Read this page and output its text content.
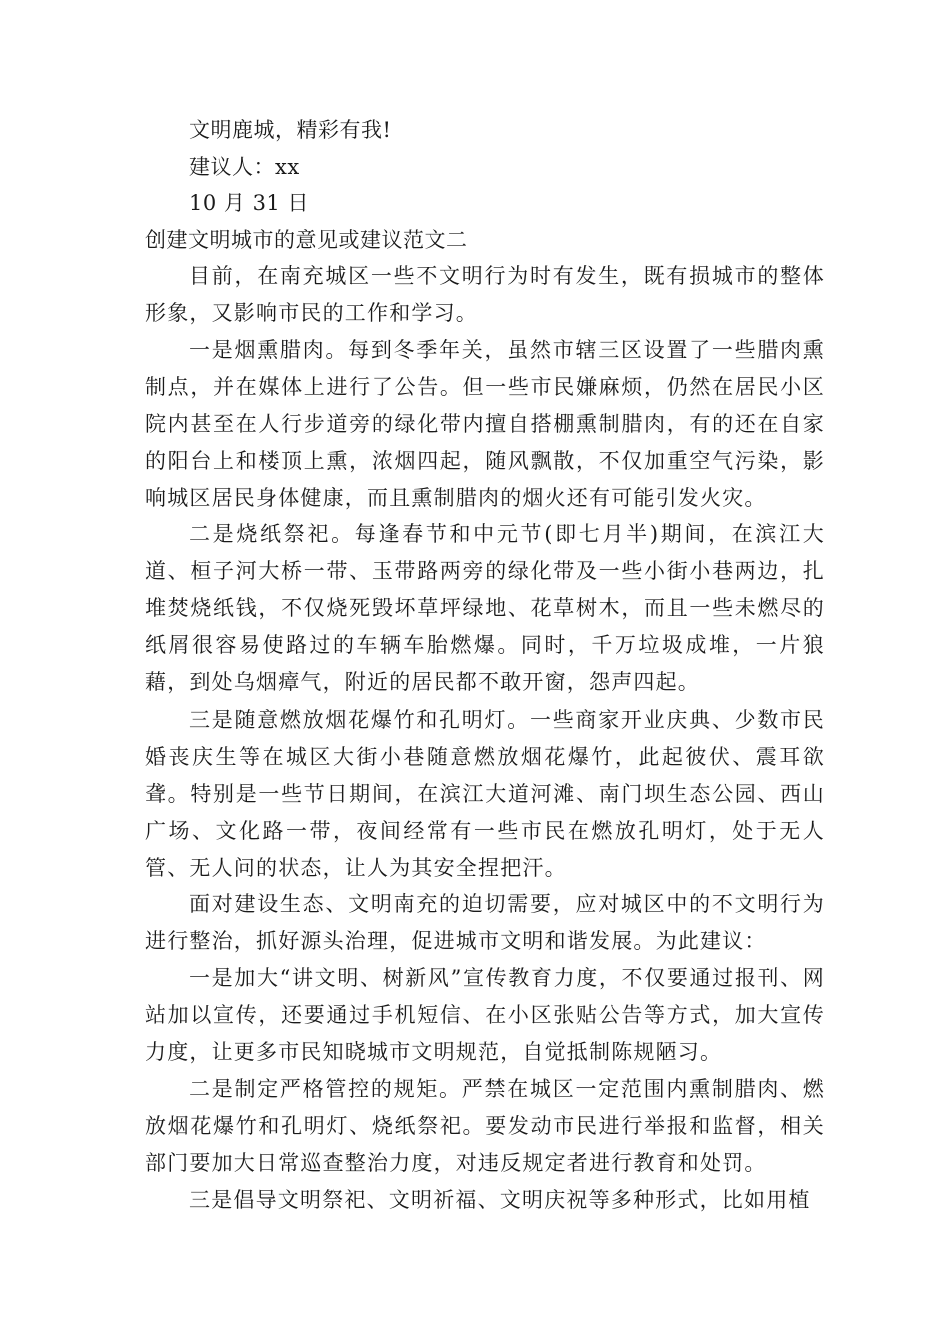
文明鹿城，精彩有我!
建议人：xx
10 月 31 日
创建文明城市的意见或建议范文二

目前，在南充城区一些不文明行为时有发生，既有损城市的整体形象，又影响市民的工作和学习。

一是烟熏腊肉。每到冬季年关，虽然市辖三区设置了一些腊肉熏制点，并在媒体上进行了公告。但一些市民嫌麻烦，仍然在居民小区院内甚至在人行步道旁的绿化带内擅自搭棚熏制腊肉，有的还在自家的阳台上和楼顶上熏，浓烟四起，随风飘散，不仅加重空气污染，影响城区居民身体健康，而且熏制腊肉的烟火还有可能引发火灾。

二是烧纸祭祀。每逢春节和中元节(即七月半)期间，在滨江大道、桓子河大桥一带、玉带路两旁的绿化带及一些小街小巷两边，扎堆焚烧纸钱，不仅烧死毁坏草坪绿地、花草树木，而且一些未燃尽的纸屑很容易使路过的车辆车胎燃爆。同时，千万垃圾成堆，一片狼藉，到处乌烟瘴气，附近的居民都不敢开窗，怨声四起。

三是随意燃放烟花爆竹和孔明灯。一些商家开业庆典、少数市民婚丧庆生等在城区大街小巷随意燃放烟花爆竹，此起彼伏、震耳欲聋。特别是一些节日期间，在滨江大道河滩、南门坝生态公园、西山广场、文化路一带，夜间经常有一些市民在燃放孔明灯，处于无人管、无人问的状态，让人为其安全捏把汗。

面对建设生态、文明南充的迫切需要，应对城区中的不文明行为进行整治，抓好源头治理，促进城市文明和谐发展。为此建议：

一是加大“讲文明、树新风”宣传教育力度，不仅要通过报刊、网站加以宣传，还要通过手机短信、在小区张贴公告等方式，加大宣传力度，让更多市民知晓城市文明规范，自觉抵制陈规陋习。

二是制定严格管控的规矩。严禁在城区一定范围内熏制腊肉、燃放烟花爆竹和孔明灯、烧纸祭祀。要发动市民进行举报和监督，相关部门要加大日常巡查整治力度，对违反规定者进行教育和处罚。

三是倡导文明祭祀、文明祈福、文明庆祝等多种形式，比如用植
